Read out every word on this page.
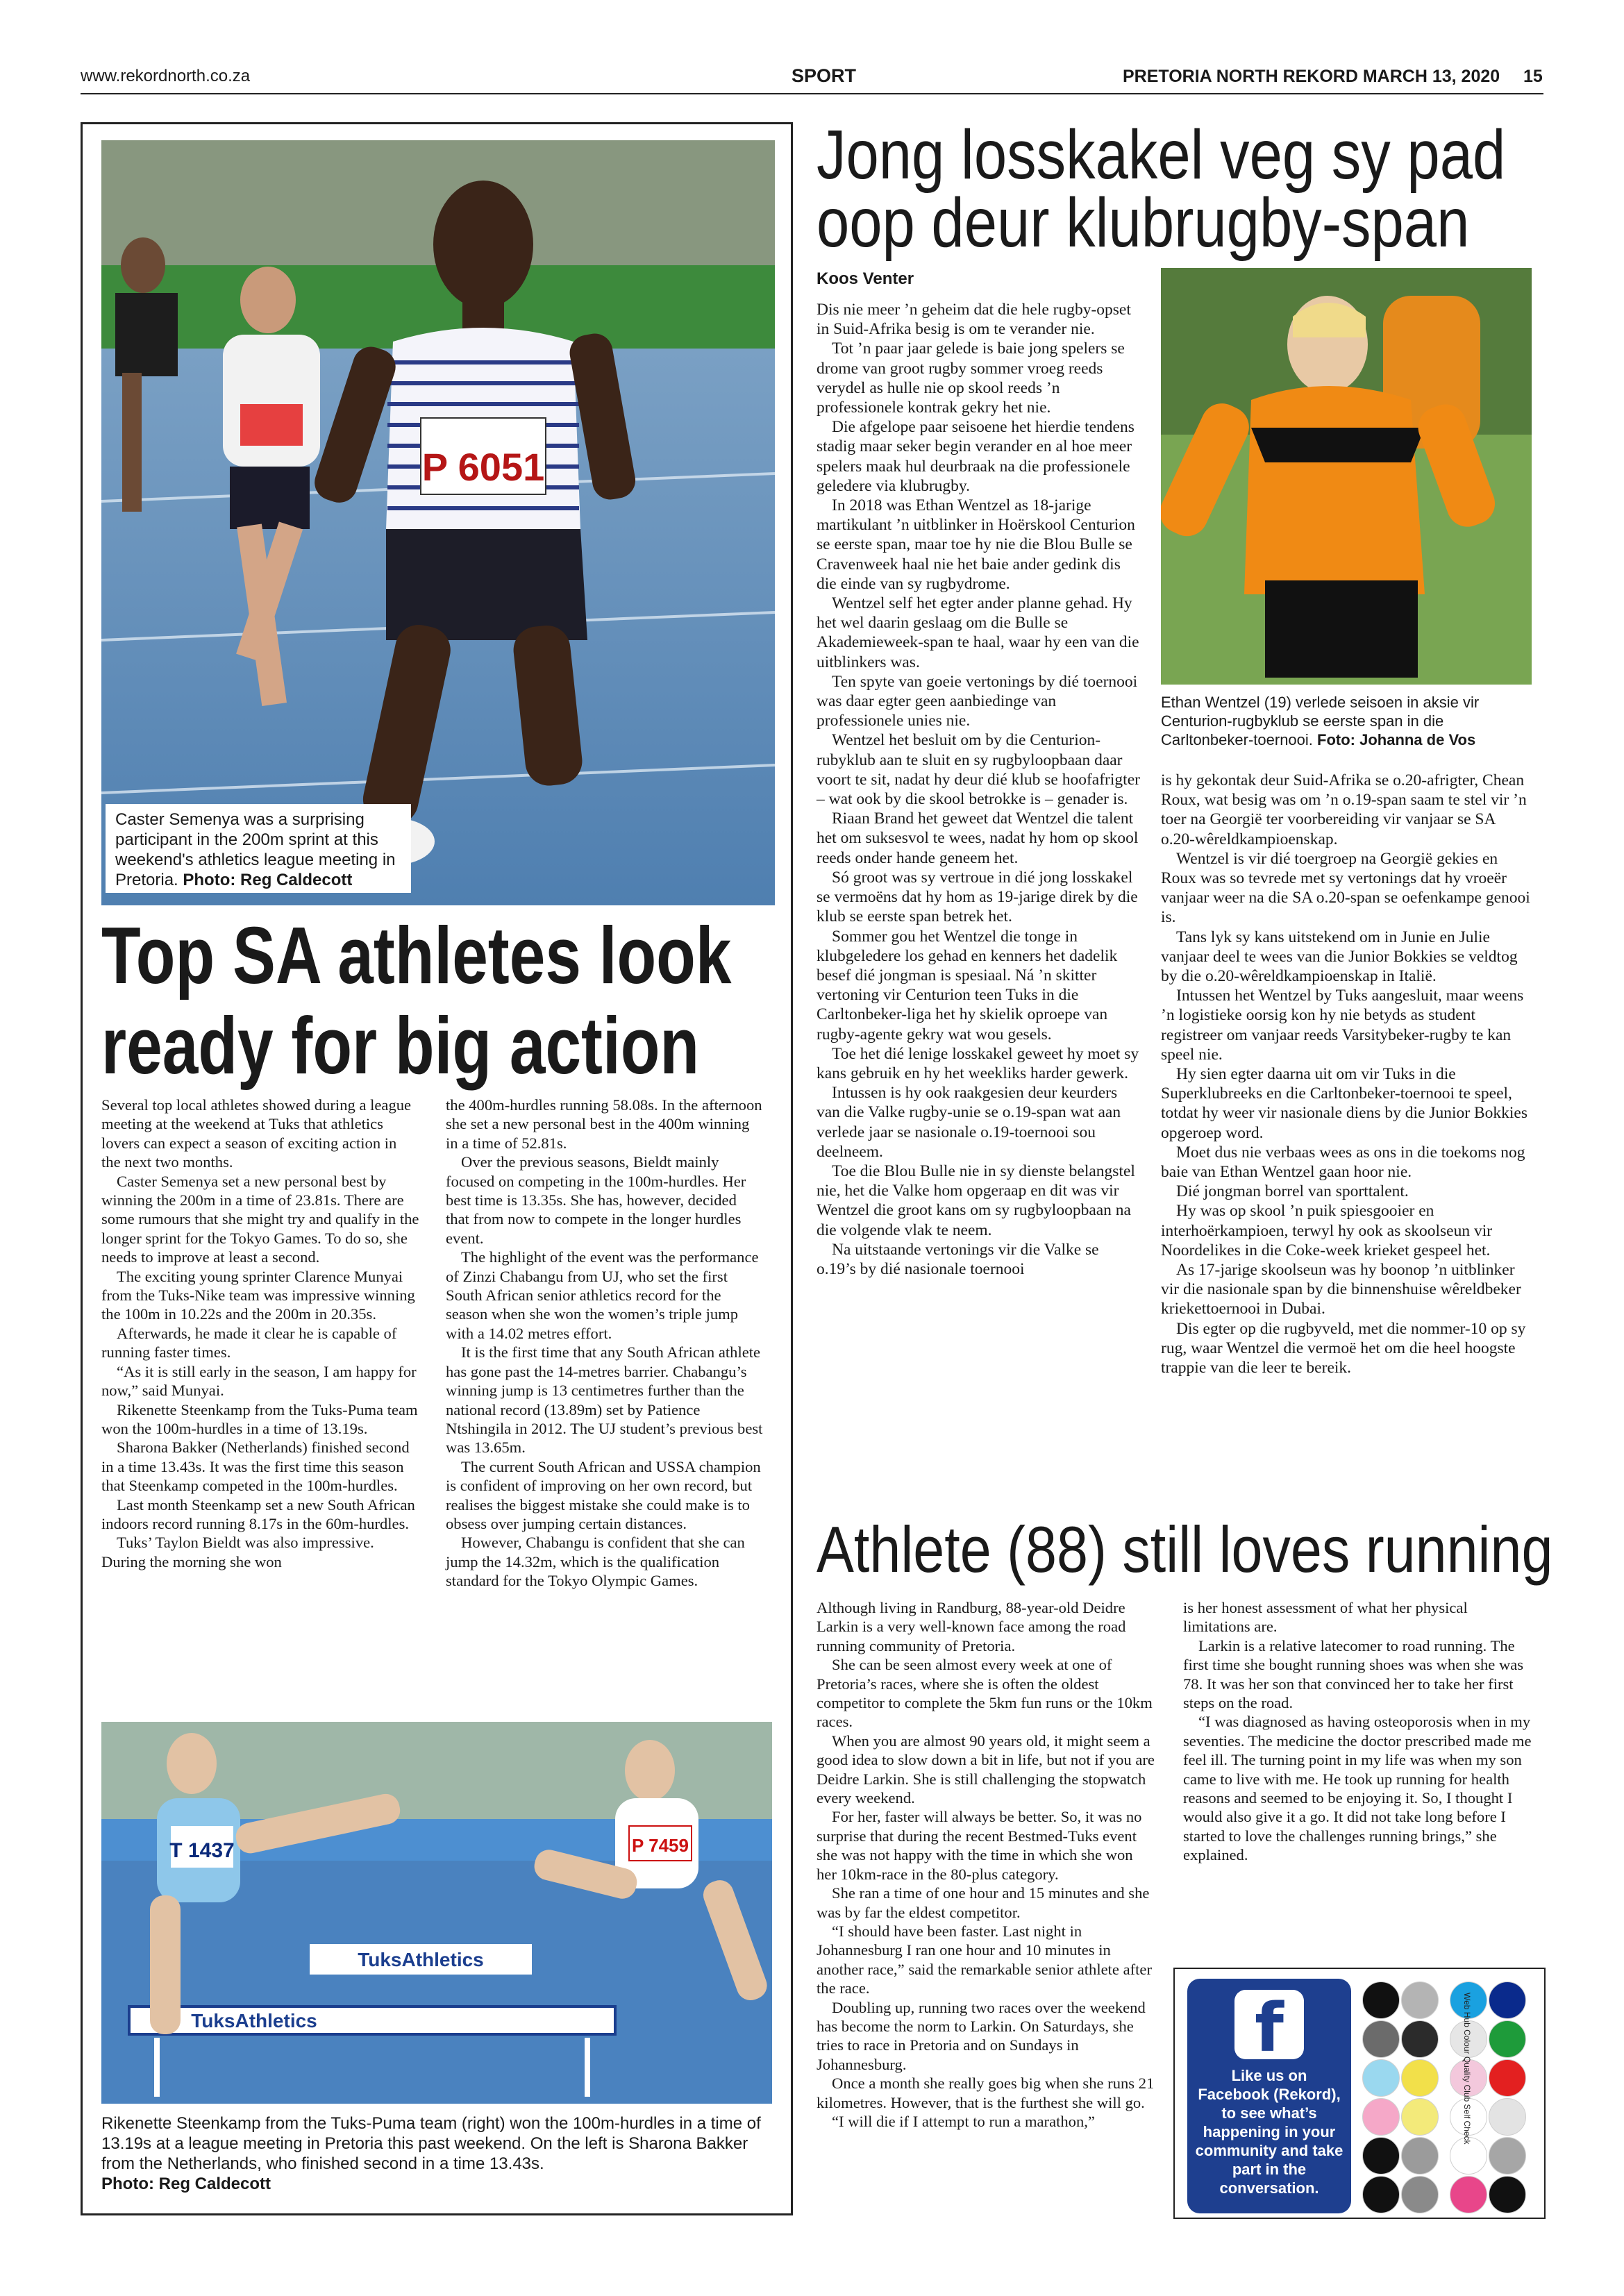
www.rekordnorth.co.za	SPORT	PRETORIA NORTH REKORD MARCH 13, 2020 15
P 6051
Caster Semenya was a surprising participant in the 200m sprint at this weekend's athletics league meeting in Pretoria. Photo: Reg Caldecott
Top SA athletes look
ready for big action

Several top local athletes showed during a league meeting at the weekend at Tuks that athletics lovers can expect a season of exciting action in the next two months.

Caster Semenya set a new personal best by winning the 200m in a time of 23.81s. There are some rumours that she might try and qualify in the longer sprint for the Tokyo Games. To do so, she needs to improve at least a second.

The exciting young sprinter Clarence Munyai from the Tuks-Nike team was impressive winning the 100m in 10.22s and the 200m in 20.35s.

Afterwards, he made it clear he is capable of running faster times.

“As it is still early in the season, I am happy for now,” said Munyai.

Rikenette Steenkamp from the Tuks-Puma team won the 100m-hurdles in a time of 13.19s.

Sharona Bakker (Netherlands) finished second in a time 13.43s. It was the first time this season that Steenkamp competed in the 100m-hurdles.

Last month Steenkamp set a new South African indoors record running 8.17s in the 60m-hurdles.

Tuks’ Taylon Bieldt was also impressive. During the morning she won

the 400m-hurdles running 58.08s. In the afternoon she set a new personal best in the 400m winning in a time of 52.81s.

Over the previous seasons, Bieldt mainly focused on competing in the 100m-hurdles. Her best time is 13.35s. She has, however, decided that from now to compete in the longer hurdles event.

The highlight of the event was the performance of Zinzi Chabangu from UJ, who set the first South African senior athletics record for the season when she won the women’s triple jump with a 14.02 metres effort.

It is the first time that any South African athlete has gone past the 14-metres barrier. Chabangu’s winning jump is 13 centimetres further than the national record (13.89m) set by Patience Ntshingila in 2012. The UJ student’s previous best was 13.65m.

The current South African and USSA champion is confident of improving on her own record, but realises the biggest mistake she could make is to obsess over jumping certain distances.

However, Chabangu is confident that she can jump the 14.32m, which is the qualification standard for the Tokyo Olympic Games.

TuksAthletics
TuksAthletics
T 1437	P 7459
Rikenette Steenkamp from the Tuks-Puma team (right) won the 100m-hurdles in a time of 13.19s at a league meeting in Pretoria this past weekend. On the left is Sharona Bakker from the Netherlands, who finished second in a time 13.43s.
Photo: Reg Caldecott
Jong losskakel veg sy pad
oop deur klubrugby-span
Koos Venter
Ethan Wentzel (19) verlede seisoen in aksie vir Centurion-rugbyklub se eerste span in die Carltonbeker-toernooi. Foto: Johanna de Vos

Dis nie meer ’n geheim dat die hele rugby-opset in Suid-Afrika besig is om te verander nie.

Tot ’n paar jaar gelede is baie jong spelers se drome van groot rugby sommer vroeg reeds verydel as hulle nie op skool reeds ’n professionele kontrak gekry het nie.

Die afgelope paar seisoene het hierdie tendens stadig maar seker begin verander en al hoe meer spelers maak hul deurbraak na die professionele geledere via klubrugby.

In 2018 was Ethan Wentzel as 18-jarige martikulant ’n uitblinker in Hoërskool Centurion se eerste span, maar toe hy nie die Blou Bulle se Cravenweek haal nie het baie ander gedink dis die einde van sy rugbydrome.

Wentzel self het egter ander planne gehad. Hy het wel daarin geslaag om die Bulle se Akademieweek-span te haal, waar hy een van die uitblinkers was.

Ten spyte van goeie vertonings by dié toernooi was daar egter geen aanbiedinge van professionele unies nie.

Wentzel het besluit om by die Centurion-rubyklub aan te sluit en sy rugbyloopbaan daar voort te sit, nadat hy deur dié klub se hoofafrigter – wat ook by die skool betrokke is – genader is.

Riaan Brand het geweet dat Wentzel die talent het om suksesvol te wees, nadat hy hom op skool reeds onder hande geneem het.

Só groot was sy vertroue in dié jong losskakel se vermoëns dat hy hom as 19-jarige direk by die klub se eerste span betrek het.

Sommer gou het Wentzel die tonge in klubgeledere los gehad en kenners het dadelik besef dié jongman is spesiaal. Ná ’n skitter vertoning vir Centurion teen Tuks in die Carltonbeker-liga het hy skielik oproepe van rugby-agente gekry wat wou gesels.

Toe het dié lenige losskakel geweet hy moet sy kans gebruik en hy het weekliks harder gewerk.

Intussen is hy ook raakgesien deur keurders van die Valke rugby-unie se o.19-span wat aan verlede jaar se nasionale o.19-toernooi sou deelneem.

Toe die Blou Bulle nie in sy dienste belangstel nie, het die Valke hom opgeraap en dit was vir Wentzel die groot kans om sy rugbyloopbaan na die volgende vlak te neem.

Na uitstaande vertonings vir die Valke se o.19’s by dié nasionale toernooi

is hy gekontak deur Suid-Afrika se o.20-afrigter, Chean Roux, wat besig was om ’n o.19-span saam te stel vir ’n toer na Georgië ter voorbereiding vir vanjaar se SA o.20-wêreldkampioenskap.

Wentzel is vir dié toergroep na Georgië gekies en Roux was so tevrede met sy vertonings dat hy vroeër vanjaar weer na die SA o.20-span se oefenkampe genooi is.

Tans lyk sy kans uitstekend om in Junie en Julie vanjaar deel te wees van die Junior Bokkies se veldtog by die o.20-wêreldkampioenskap in Italië.

Intussen het Wentzel by Tuks aangesluit, maar weens ’n logistieke oorsig kon hy nie betyds as student registreer om vanjaar reeds Varsitybeker-rugby te kan speel nie.

Hy sien egter daarna uit om vir Tuks in die Superklubreeks en die Carltonbeker-toernooi te speel, totdat hy weer vir nasionale diens by die Junior Bokkies opgeroep word.

Moet dus nie verbaas wees as ons in die toekoms nog baie van Ethan Wentzel gaan hoor nie.

Dié jongman borrel van sporttalent.

Hy was op skool ’n puik spiesgooier en interhoërkampioen, terwyl hy ook as skoolseun vir Noordelikes in die Coke-week krieket gespeel het.

As 17-jarige skoolseun was hy boonop ’n uitblinker vir die nasionale span by die binnenshuise wêreldbeker kriekettoernooi in Dubai.

Dis egter op die rugbyveld, met die nommer-10 op sy rug, waar Wentzel die vermoë het om die heel hoogste trappie van die leer te bereik.

Athlete (88) still loves running

Although living in Randburg, 88-year-old Deidre Larkin is a very well-known face among the road running community of Pretoria.

She can be seen almost every week at one of Pretoria’s races, where she is often the oldest competitor to complete the 5km fun runs or the 10km races.

When you are almost 90 years old, it might seem a good idea to slow down a bit in life, but not if you are Deidre Larkin. She is still challenging the stopwatch every weekend.

For her, faster will always be better. So, it was no surprise that during the recent Bestmed-Tuks event she was not happy with the time in which she won her 10km-race in the 80-plus category.

She ran a time of one hour and 15 minutes and she was by far the eldest competitor.

“I should have been faster. Last night in Johannesburg I ran one hour and 10 minutes in another race,” said the remarkable senior athlete after the race.

Doubling up, running two races over the weekend has become the norm to Larkin. On Saturdays, she tries to race in Pretoria and on Sundays in Johannesburg.

Once a month she really goes big when she runs 21 kilometres. However, that is the furthest she will go.

“I will die if I attempt to run a marathon,”

is her honest assessment of what her physical limitations are.

Larkin is a relative latecomer to road running. The first time she bought running shoes was when she was 78. It was her son that convinced her to take her first steps on the road.

“I was diagnosed as having osteoporosis when in my seventies. The medicine the doctor prescribed made me feel ill. The turning point in my life was when my son came to live with me. He took up running for health reasons and seemed to be enjoying it. So, I thought I would also give it a go. It did not take long before I started to love the challenges running brings,” she explained.

f
Like us on Facebook (Rekord), to see what’s happening in your community and take part in the conversation.
Web Hub Colour Quality Club Self Check
